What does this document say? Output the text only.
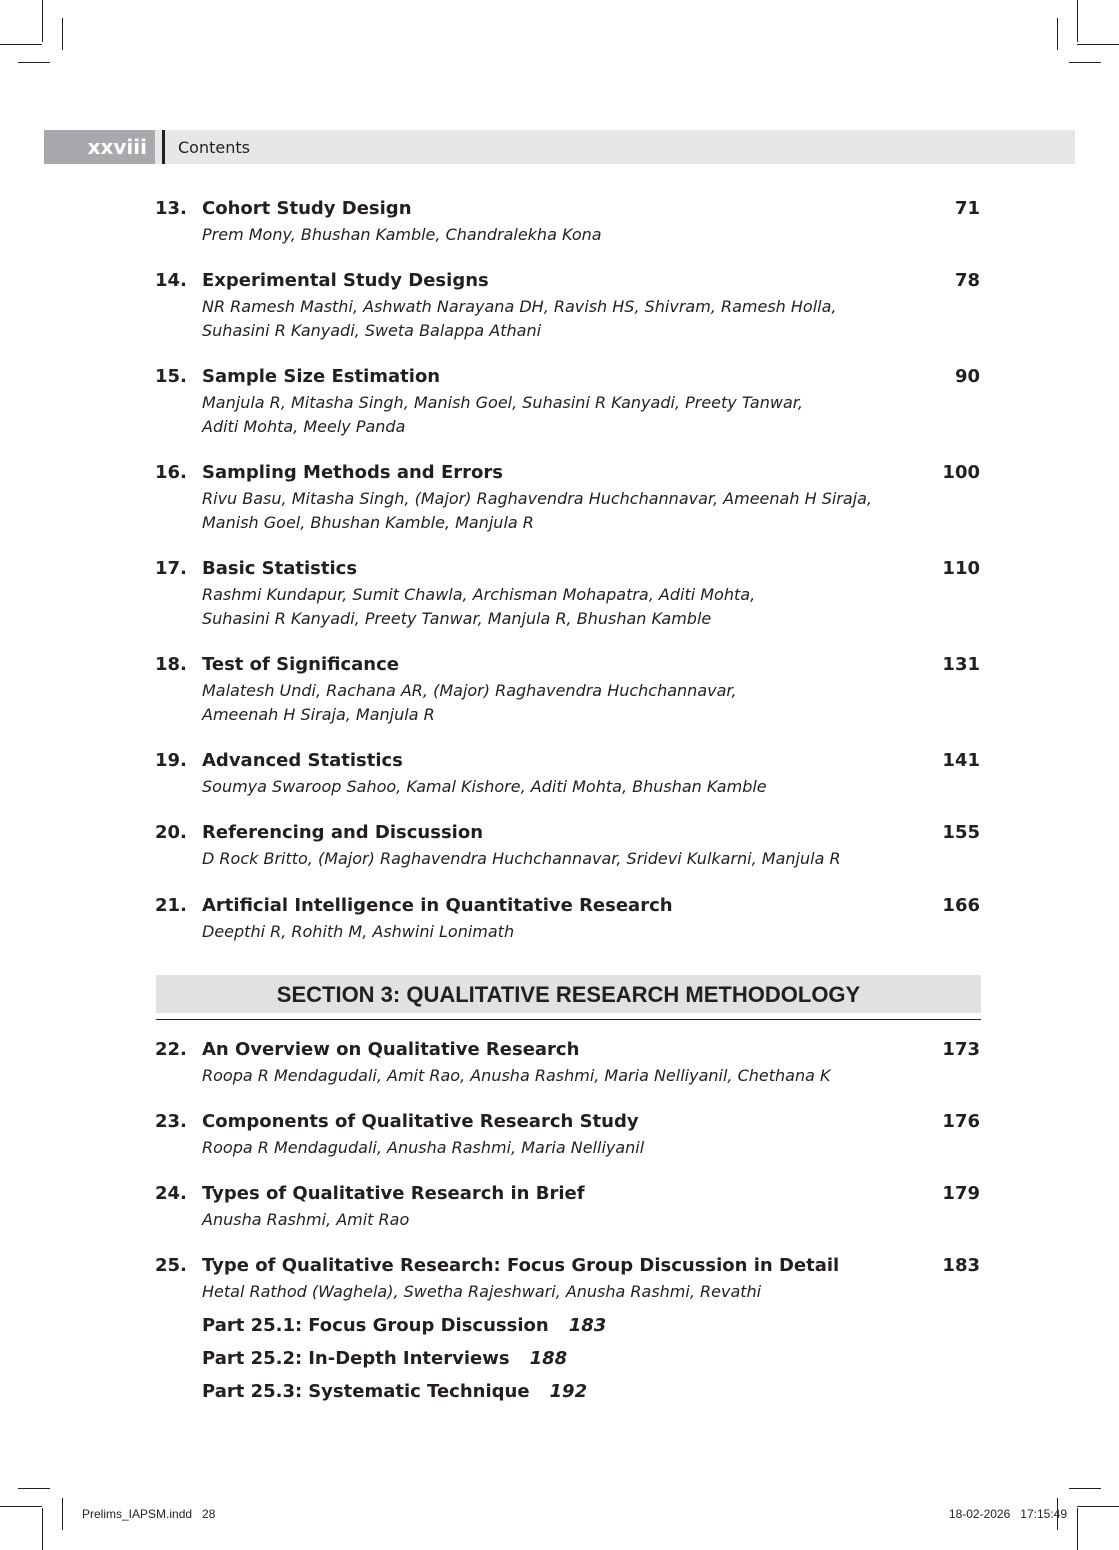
xxviii	Contents
13. Cohort Study Design	71
Prem Mony, Bhushan Kamble, Chandralekha Kona
14. Experimental Study Designs	78
NR Ramesh Masthi, Ashwath Narayana DH, Ravish HS, Shivram, Ramesh Holla,
Suhasini R Kanyadi, Sweta Balappa Athani
15. Sample Size Estimation	90
Manjula R, Mitasha Singh, Manish Goel, Suhasini R Kanyadi, Preety Tanwar,
Aditi Mohta, Meely Panda
16. Sampling Methods and Errors	100
Rivu Basu, Mitasha Singh, (Major) Raghavendra Huchchannavar, Ameenah H Siraja,
Manish Goel, Bhushan Kamble, Manjula R
17. Basic Statistics	110
Rashmi Kundapur, Sumit Chawla, Archisman Mohapatra, Aditi Mohta,
Suhasini R Kanyadi, Preety Tanwar, Manjula R, Bhushan Kamble
18. Test of Significance	131
Malatesh Undi, Rachana AR, (Major) Raghavendra Huchchannavar,
Ameenah H Siraja, Manjula R
19. Advanced Statistics	141
Soumya Swaroop Sahoo, Kamal Kishore, Aditi Mohta, Bhushan Kamble
20. Referencing and Discussion	155
D Rock Britto, (Major) Raghavendra Huchchannavar, Sridevi Kulkarni, Manjula R
21. Artificial Intelligence in Quantitative Research	166
Deepthi R, Rohith M, Ashwini Lonimath
SECTION 3: QUALITATIVE RESEARCH METHODOLOGY
22. An Overview on Qualitative Research	173
Roopa R Mendagudali, Amit Rao, Anusha Rashmi, Maria Nelliyanil, Chethana K
23. Components of Qualitative Research Study	176
Roopa R Mendagudali, Anusha Rashmi, Maria Nelliyanil
24. Types of Qualitative Research in Brief	179
Anusha Rashmi, Amit Rao
25. Type of Qualitative Research: Focus Group Discussion in Detail	183
Hetal Rathod (Waghela), Swetha Rajeshwari, Anusha Rashmi, Revathi
Part 25.1: Focus Group Discussion 183
Part 25.2: In-Depth Interviews 188
Part 25.3: Systematic Technique 192
Prelims_IAPSM.indd   28	18-02-2026   17:15:49
